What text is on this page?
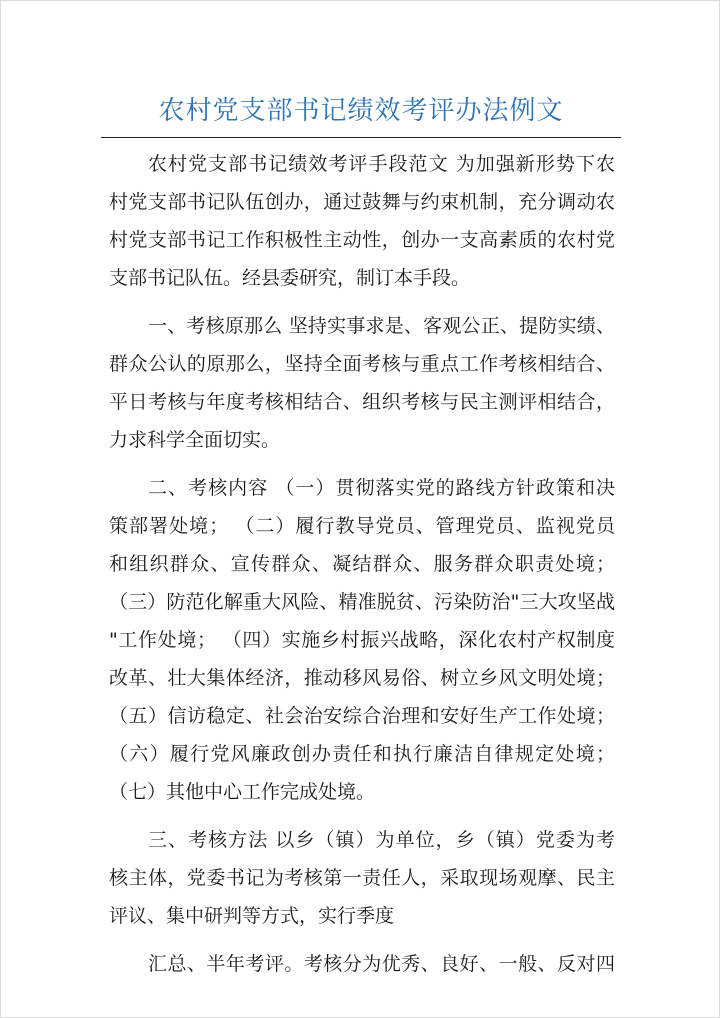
农村党支部书记绩效考评办法例文
农村党支部书记绩效考评手段范文 为加强新形势下农
村党支部书记队伍创办，通过鼓舞与约束机制，充分调动农
村党支部书记工作积极性主动性，创办一支高素质的农村党
支部书记队伍。经县委研究，制订本手段。
一、考核原那么 坚持实事求是、客观公正、提防实绩、
群众公认的原那么，坚持全面考核与重点工作考核相结合、
平日考核与年度考核相结合、组织考核与民主测评相结合，
力求科学全面切实。
二、考核内容 （一）贯彻落实党的路线方针政策和决
策部署处境； （二）履行教导党员、管理党员、监视党员
和组织群众、宣传群众、凝结群众、服务群众职责处境；
（三）防范化解重大风险、精准脱贫、污染防治"三大攻坚战
"工作处境； （四）实施乡村振兴战略，深化农村产权制度
改革、壮大集体经济，推动移风易俗、树立乡风文明处境；
（五）信访稳定、社会治安综合治理和安好生产工作处境；
（六）履行党风廉政创办责任和执行廉洁自律规定处境；
（七）其他中心工作完成处境。
三、考核方法 以乡（镇）为单位，乡（镇）党委为考
核主体，党委书记为考核第一责任人，采取现场观摩、民主
评议、集中研判等方式，实行季度
汇总、半年考评。考核分为优秀、良好、一般、反对四
